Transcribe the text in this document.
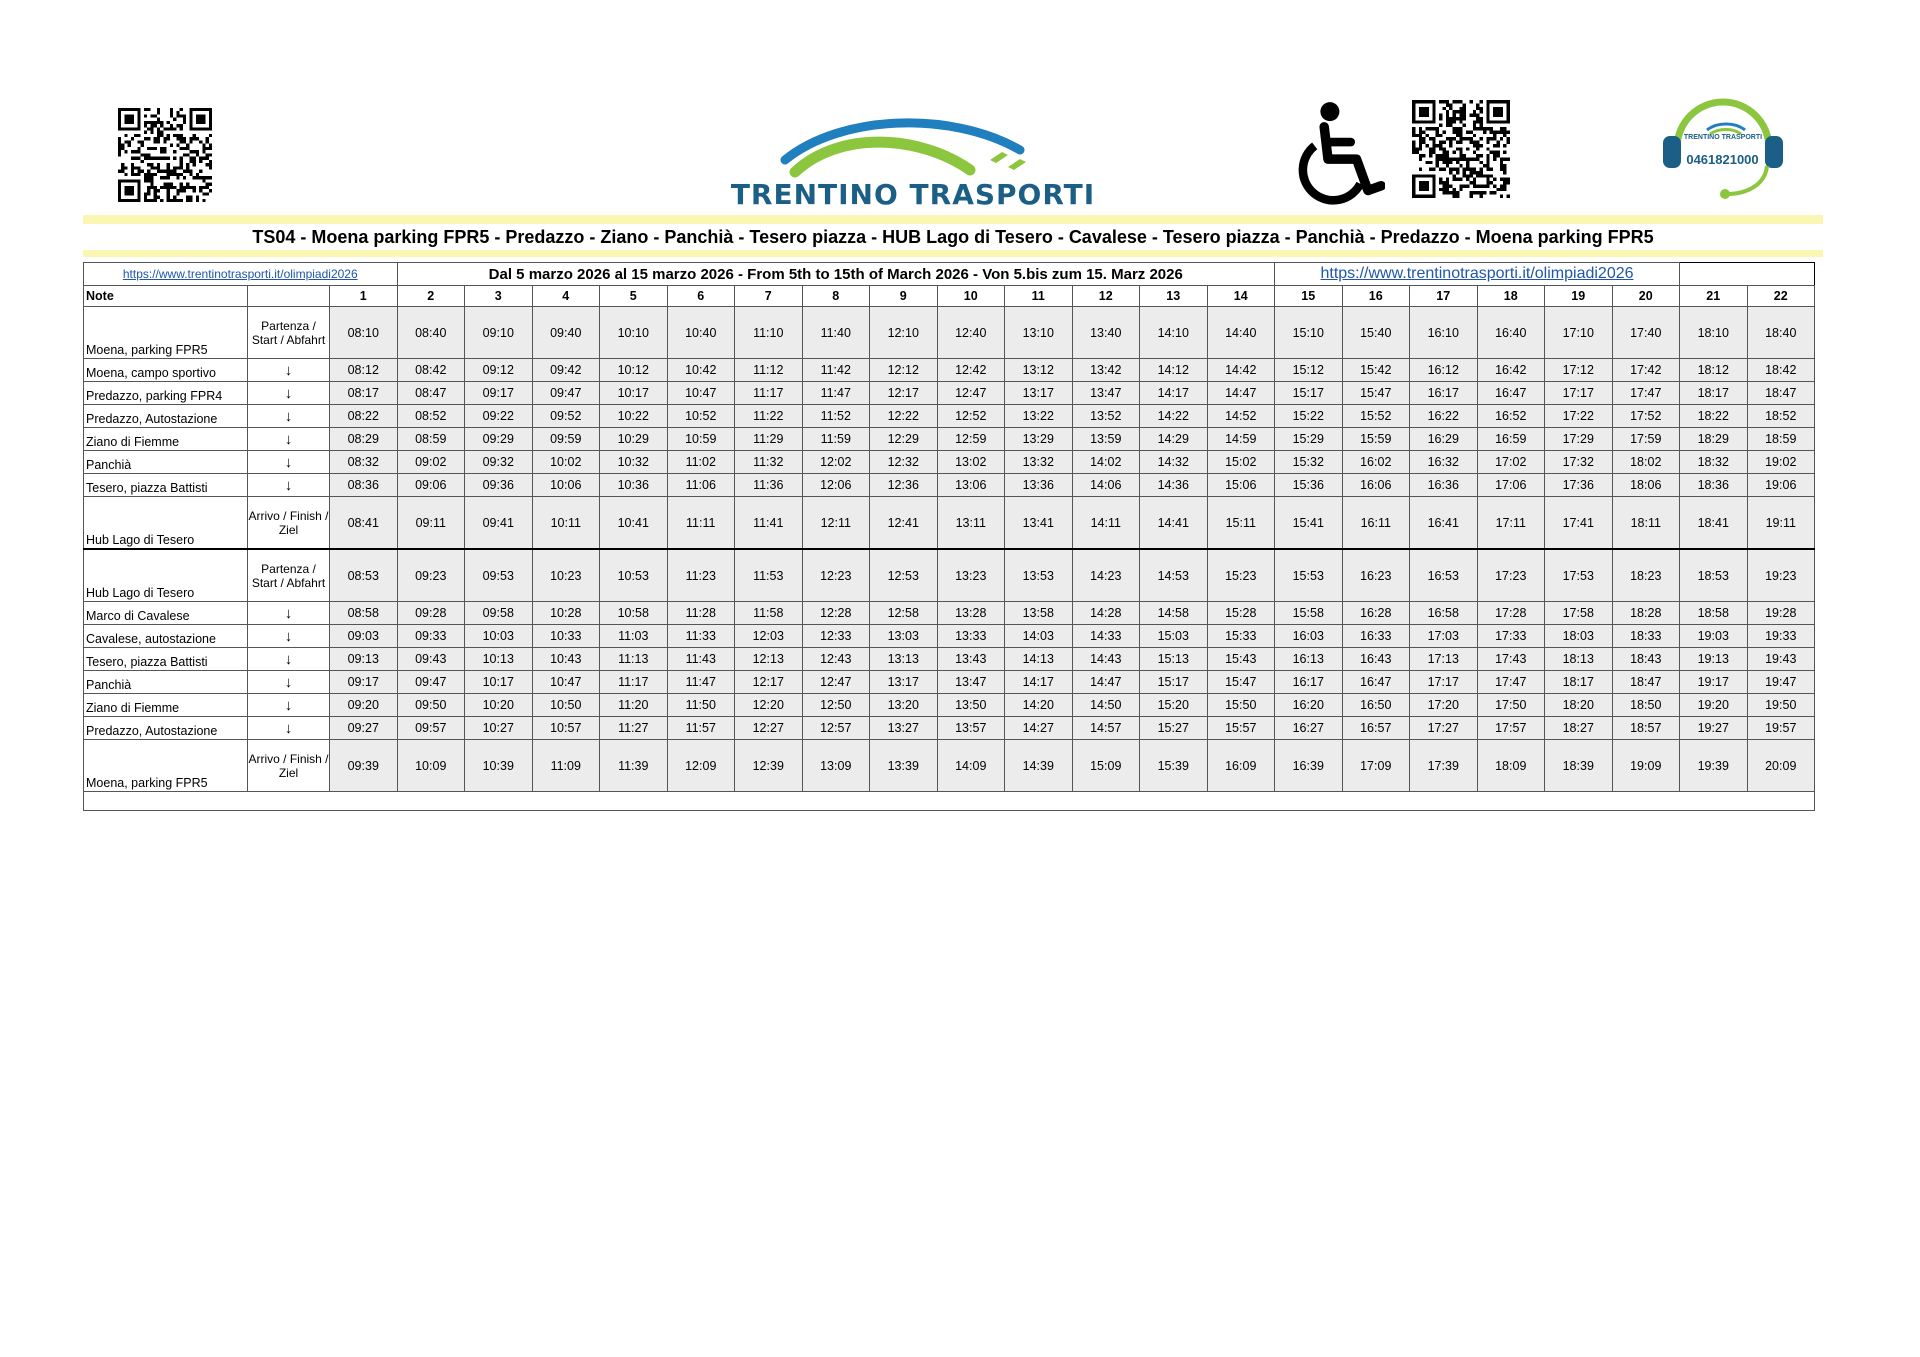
TRENTINO TRASPORTI
TRENTINO TRASPORTI
0461821000
TS04 - Moena parking FPR5 - Predazzo - Ziano - Panchià - Tesero piazza - HUB Lago di Tesero - Cavalese - Tesero piazza - Panchià - Predazzo - Moena parking FPR5
https://www.trentinotrasporti.it/olimpiadi2026			Dal 5 marzo 2026 al 15 marzo 2026 - From 5th to 15th of March 2026 - Von 5.bis zum 15. Marz 2026													https://www.trentinotrasporti.it/olimpiadi2026							
Note		1	2	3	4	5	6	7	8	9	10	11	12	13	14	15	16	17	18	19	20	21	22
Moena, parking FPR5	Partenza / Start / Abfahrt	08:10	08:40	09:10	09:40	10:10	10:40	11:10	11:40	12:10	12:40	13:10	13:40	14:10	14:40	15:10	15:40	16:10	16:40	17:10	17:40	18:10	18:40
Moena, campo sportivo	↓	08:12	08:42	09:12	09:42	10:12	10:42	11:12	11:42	12:12	12:42	13:12	13:42	14:12	14:42	15:12	15:42	16:12	16:42	17:12	17:42	18:12	18:42
Predazzo, parking FPR4	↓	08:17	08:47	09:17	09:47	10:17	10:47	11:17	11:47	12:17	12:47	13:17	13:47	14:17	14:47	15:17	15:47	16:17	16:47	17:17	17:47	18:17	18:47
Predazzo, Autostazione	↓	08:22	08:52	09:22	09:52	10:22	10:52	11:22	11:52	12:22	12:52	13:22	13:52	14:22	14:52	15:22	15:52	16:22	16:52	17:22	17:52	18:22	18:52
Ziano di Fiemme	↓	08:29	08:59	09:29	09:59	10:29	10:59	11:29	11:59	12:29	12:59	13:29	13:59	14:29	14:59	15:29	15:59	16:29	16:59	17:29	17:59	18:29	18:59
Panchià	↓	08:32	09:02	09:32	10:02	10:32	11:02	11:32	12:02	12:32	13:02	13:32	14:02	14:32	15:02	15:32	16:02	16:32	17:02	17:32	18:02	18:32	19:02
Tesero, piazza Battisti	↓	08:36	09:06	09:36	10:06	10:36	11:06	11:36	12:06	12:36	13:06	13:36	14:06	14:36	15:06	15:36	16:06	16:36	17:06	17:36	18:06	18:36	19:06
Hub Lago di Tesero	Arrivo / Finish / Ziel	08:41	09:11	09:41	10:11	10:41	11:11	11:41	12:11	12:41	13:11	13:41	14:11	14:41	15:11	15:41	16:11	16:41	17:11	17:41	18:11	18:41	19:11
Hub Lago di Tesero	Partenza / Start / Abfahrt	08:53	09:23	09:53	10:23	10:53	11:23	11:53	12:23	12:53	13:23	13:53	14:23	14:53	15:23	15:53	16:23	16:53	17:23	17:53	18:23	18:53	19:23
Marco di Cavalese	↓	08:58	09:28	09:58	10:28	10:58	11:28	11:58	12:28	12:58	13:28	13:58	14:28	14:58	15:28	15:58	16:28	16:58	17:28	17:58	18:28	18:58	19:28
Cavalese, autostazione	↓	09:03	09:33	10:03	10:33	11:03	11:33	12:03	12:33	13:03	13:33	14:03	14:33	15:03	15:33	16:03	16:33	17:03	17:33	18:03	18:33	19:03	19:33
Tesero, piazza Battisti	↓	09:13	09:43	10:13	10:43	11:13	11:43	12:13	12:43	13:13	13:43	14:13	14:43	15:13	15:43	16:13	16:43	17:13	17:43	18:13	18:43	19:13	19:43
Panchià	↓	09:17	09:47	10:17	10:47	11:17	11:47	12:17	12:47	13:17	13:47	14:17	14:47	15:17	15:47	16:17	16:47	17:17	17:47	18:17	18:47	19:17	19:47
Ziano di Fiemme	↓	09:20	09:50	10:20	10:50	11:20	11:50	12:20	12:50	13:20	13:50	14:20	14:50	15:20	15:50	16:20	16:50	17:20	17:50	18:20	18:50	19:20	19:50
Predazzo, Autostazione	↓	09:27	09:57	10:27	10:57	11:27	11:57	12:27	12:57	13:27	13:57	14:27	14:57	15:27	15:57	16:27	16:57	17:27	17:57	18:27	18:57	19:27	19:57
Moena, parking FPR5	Arrivo / Finish / Ziel	09:39	10:09	10:39	11:09	11:39	12:09	12:39	13:09	13:39	14:09	14:39	15:09	15:39	16:09	16:39	17:09	17:39	18:09	18:39	19:09	19:39	20:09
